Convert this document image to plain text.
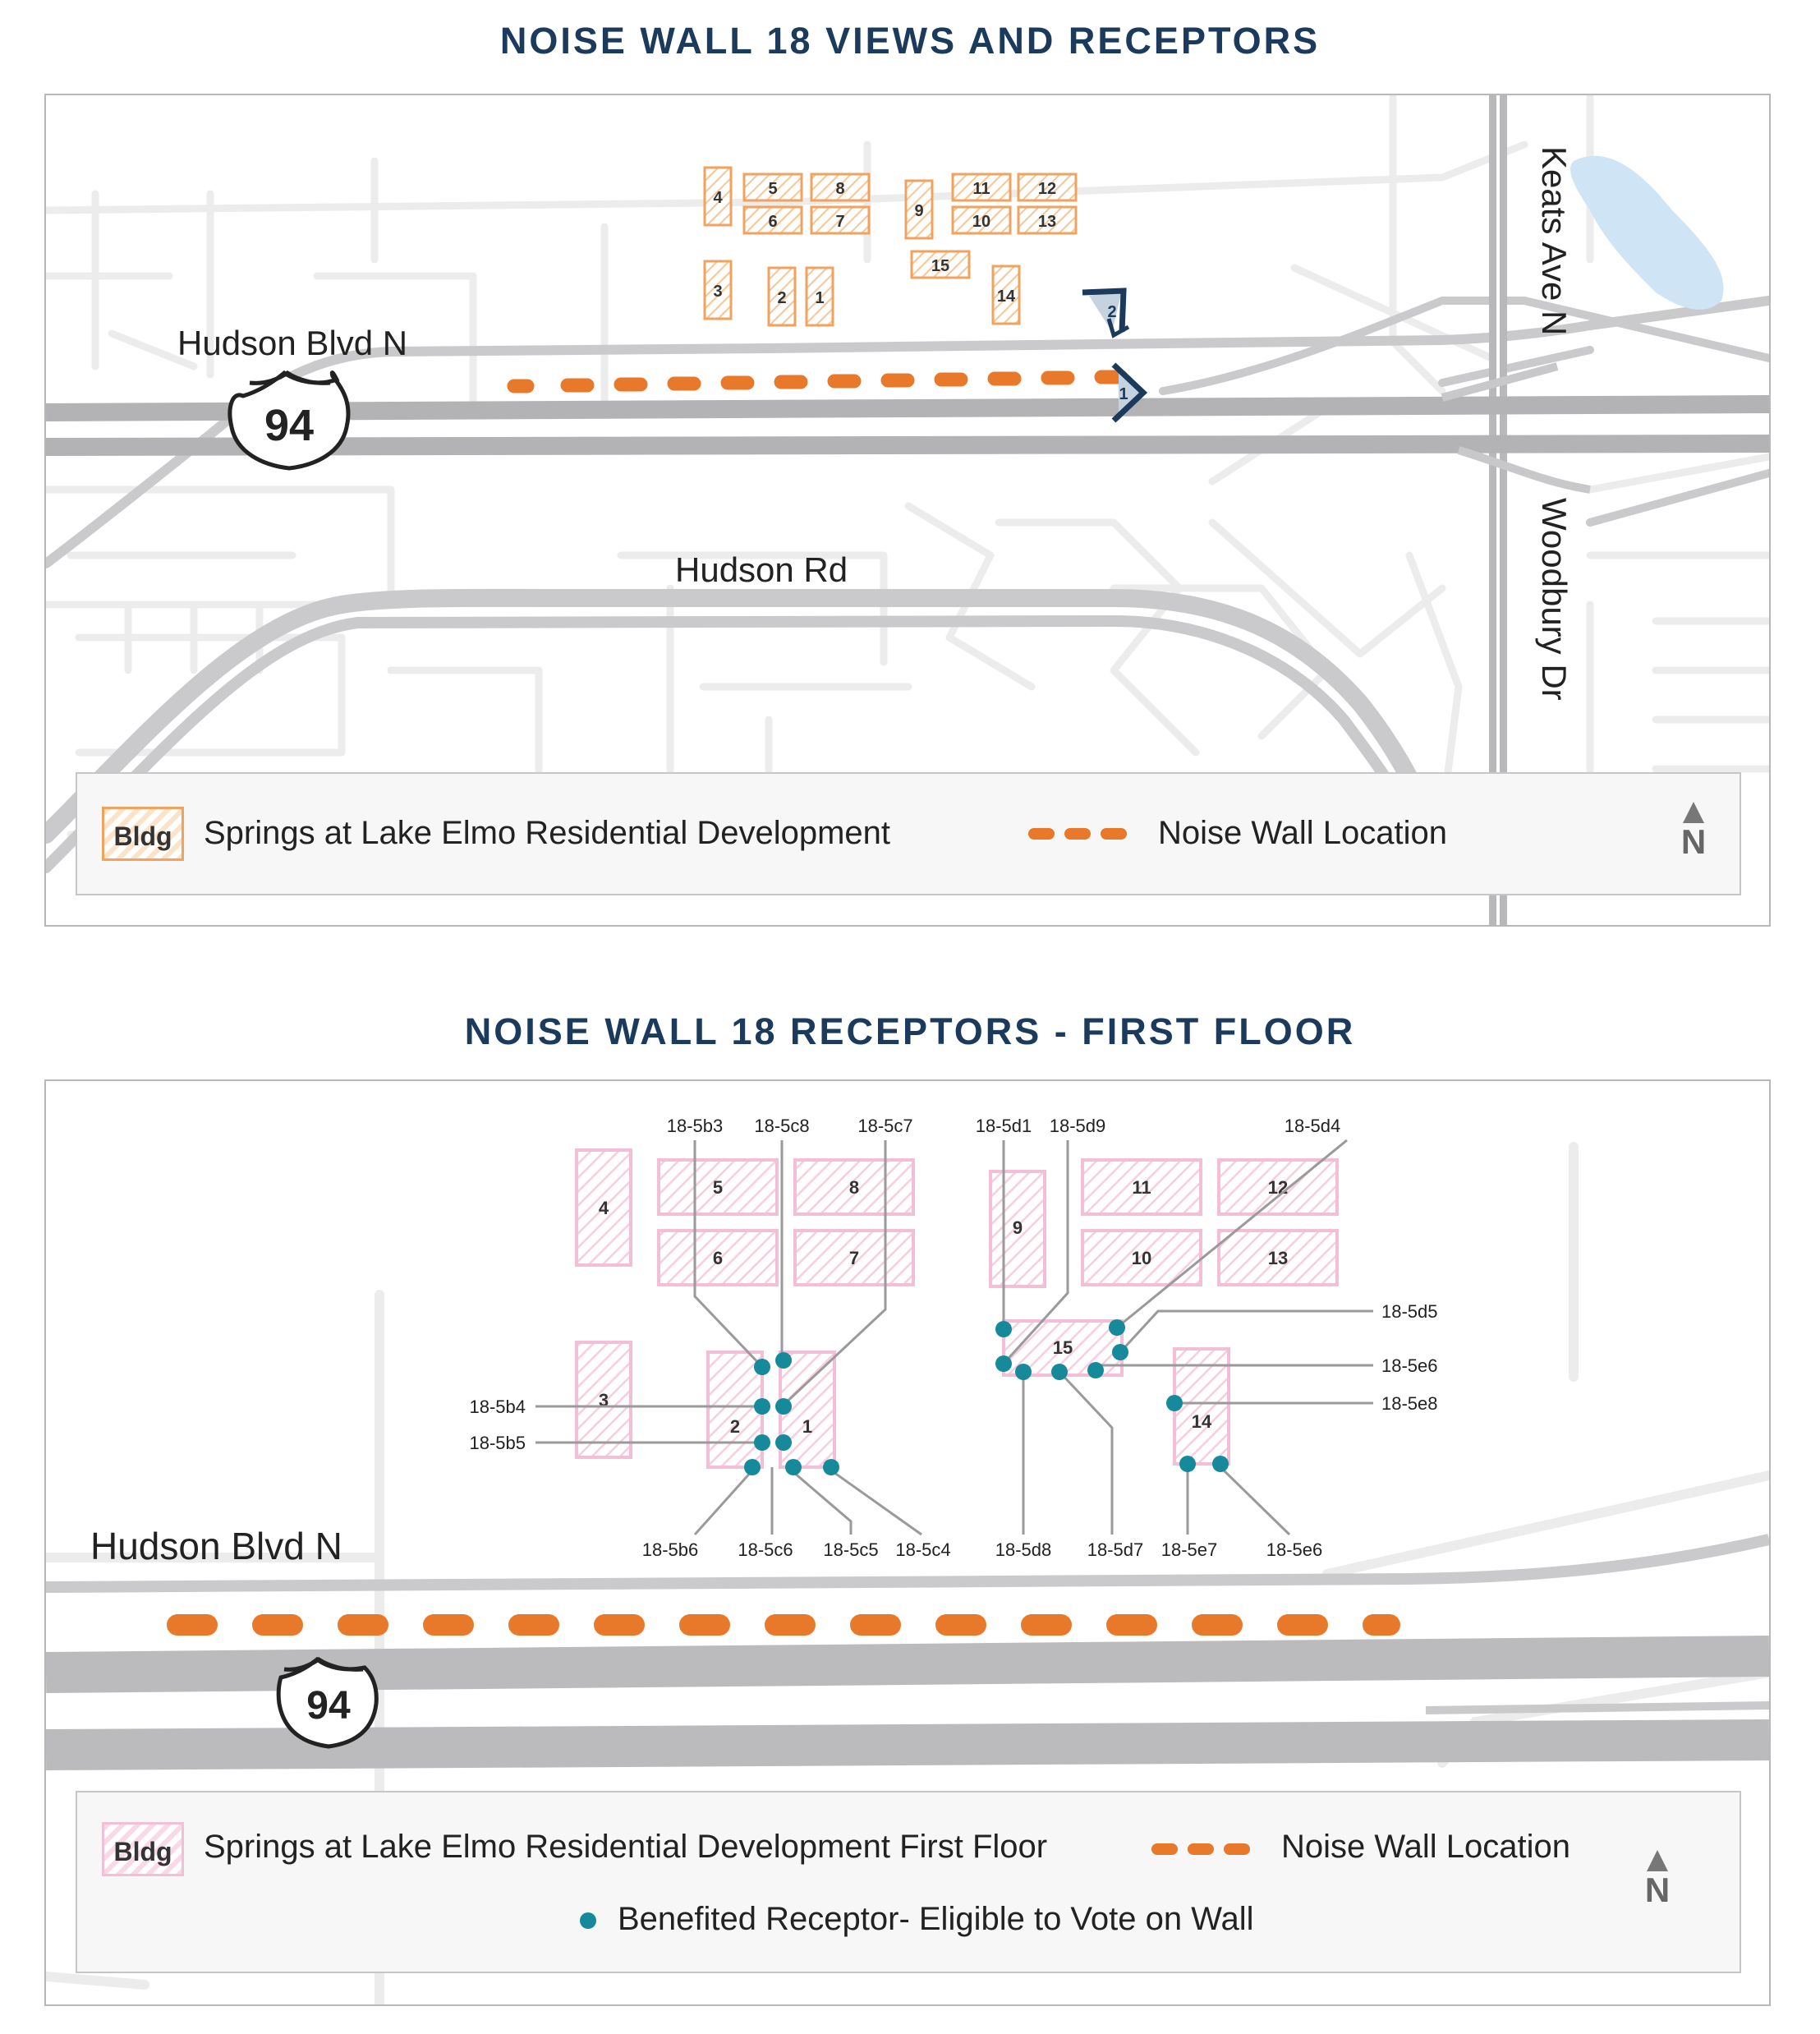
NOISE WALL 18 VIEWS AND RECEPTORS
4	5	8
6	7
9
11	12
10	13
15
3	2 1	14
2
1
94
Hudson Blvd N
Hudson Rd
Keats Ave N
Woodbury Dr
Bldg Springs at Lake Elmo Residential Development	Noise Wall Location	N
NOISE WALL 18 RECEPTORS - FIRST FLOOR
94
Hudson Blvd N
4
5	8
6	7
3
2	1
9
11	12
10	13
15
14
18-5b3 18-5c8	18-5c7
18-5b4
18-5b5
18-5b6 18-5c6 18-5c5 18-5c4
18-5d1 18-5d9	18-5d4
18-5d5
18-5e6
18-5e8
18-5d8 18-5d7 18-5e7	18-5e6
Bldg Springs at Lake Elmo Residential Development First Floor	Noise Wall Location
Benefited Receptor- Eligible to Vote on Wall
N
